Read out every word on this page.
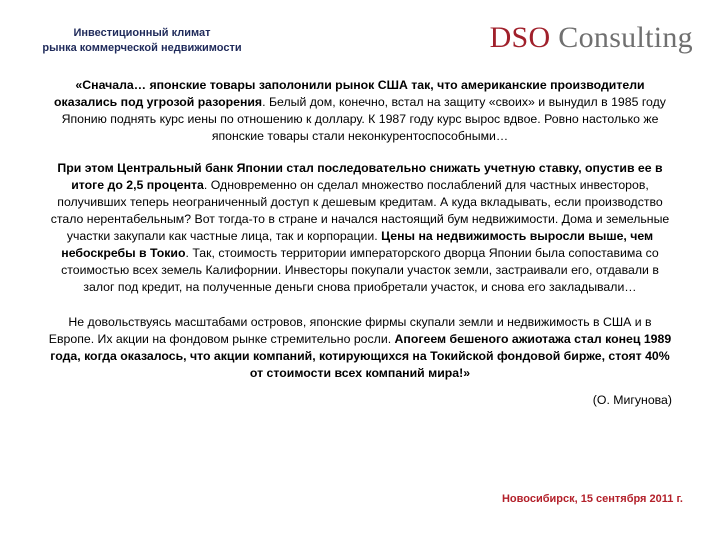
Инвестиционный климат
рынка коммерческой недвижимости	DSO Consulting

«Сначала… японские товары заполонили рынок США так, что американские производители оказались под угрозой разорения. Белый дом, конечно, встал на защиту «своих» и вынудил в 1985 году Японию поднять курс иены по отношению к доллару. К 1987 году курс вырос вдвое. Ровно настолько же японские товары стали неконкурентоспособными…

При этом Центральный банк Японии стал последовательно снижать учетную ставку, опустив ее в итоге до 2,5 процента. Одновременно он сделал множество послаблений для частных инвесторов, получивших теперь неограниченный доступ к дешевым кредитам. А куда вкладывать, если производство стало нерентабельным? Вот тогда-то в стране и начался настоящий бум недвижимости. Дома и земельные участки закупали как частные лица, так и корпорации. Цены на недвижимость выросли выше, чем небоскребы в Токио. Так, стоимость территории императорского дворца Японии была сопоставима со стоимостью всех земель Калифорнии. Инвесторы покупали участок земли, застраивали его, отдавали в залог под кредит, на полученные деньги снова приобретали участок, и снова его закладывали…

Не довольствуясь масштабами островов, японские фирмы скупали земли и недвижимость в США и в Европе. Их акции на фондовом рынке стремительно росли. Апогеем бешеного ажиотажа стал конец 1989 года, когда оказалось, что акции компаний, котирующихся на Токийской фондовой бирже, стоят 40% от стоимости всех компаний мира!»

(О. Мигунова)

Новосибирск, 15 сентября 2011 г.
